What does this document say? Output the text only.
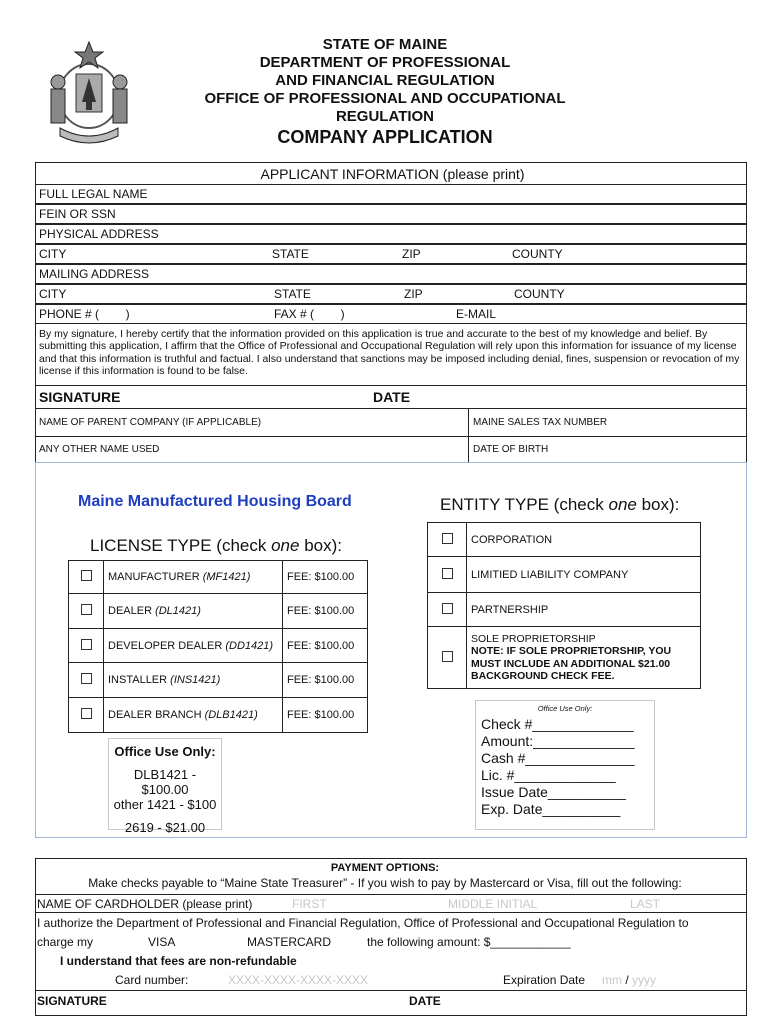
STATE OF MAINE
DEPARTMENT OF PROFESSIONAL
AND FINANCIAL REGULATION
OFFICE OF PROFESSIONAL AND OCCUPATIONAL
REGULATION
COMPANY APPLICATION
APPLICANT INFORMATION (please print)
FULL LEGAL NAME
FEIN OR SSN
PHYSICAL ADDRESS
CITY	STATE	ZIP	COUNTY
MAILING ADDRESS
CITY	STATE	ZIP	COUNTY
PHONE # (        )	FAX # (        )	E-MAIL
By my signature, I hereby certify that the information provided on this application is true and accurate to the best of my knowledge and belief. By submitting this application, I affirm that the Office of Professional and Occupational Regulation will rely upon this information for issuance of my license and that this information is truthful and factual. I also understand that sanctions may be imposed including denial, fines, suspension or revocation of my license if this information is found to be false.
SIGNATURE	DATE
NAME OF PARENT COMPANY (IF APPLICABLE)	MAINE SALES TAX NUMBER
ANY OTHER NAME USED	DATE OF BIRTH
Maine Manufactured Housing Board	ENTITY TYPE (check one box):
LICENSE TYPE (check one box):
	MANUFACTURER (MF1421)	FEE: $100.00

	DEALER (DL1421)	FEE: $100.00

	DEVELOPER DEALER (DD1421)	FEE: $100.00

	INSTALLER (INS1421)	FEE: $100.00

	DEALER BRANCH (DLB1421)	FEE: $100.00
	CORPORATION
	LIMITIED LIABILITY COMPANY
	PARTNERSHIP

	SOLE PROPRIETORSHIP
NOTE: IF SOLE PROPRIETORSHIP, YOU MUST INCLUDE AN ADDITIONAL $21.00 BACKGROUND CHECK FEE.
Office Use Only:
DLB1421 - $100.00
other 1421 - $100
2619 - $21.00
Office Use Only:
Check #_____________
Amount:_____________
Cash #______________
Lic. #_____________
Issue Date__________
Exp. Date__________
PAYMENT OPTIONS:
Make checks payable to “Maine State Treasurer” - If you wish to pay by Mastercard or Visa, fill out the following:
NAME OF CARDHOLDER (please print)	FIRST	MIDDLE INITIAL	LAST
I authorize the Department of Professional and Financial Regulation, Office of Professional and Occupational Regulation to
charge my	VISA	MASTERCARD	the following amount: $____________
I understand that fees are non-refundable
Card number:	XXXX-XXXX-XXXX-XXXX	Expiration Date mm / yyyy
SIGNATURE	DATE
